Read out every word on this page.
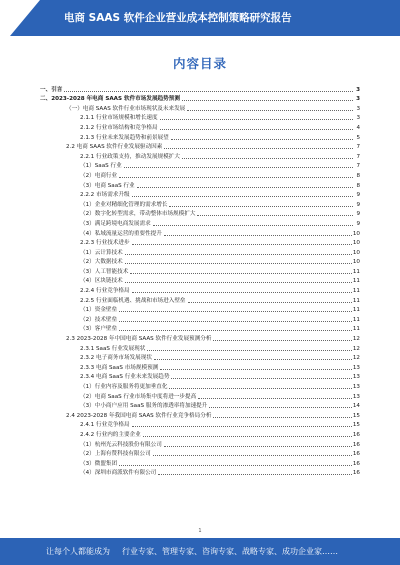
电商 SAAS 软件企业营业成本控制策略研究报告
内容目录
一、引言	3
二、2023-2028 年电商 SAAS 软件市场发展趋势预测	3
（一）电商 SAAS 软件行业市场现状及未来发展	3
2.1.1 行业市场规模和增长速度	3
2.1.2 行业市场结构和竞争格局	4
2.1.3 行业未来发展趋势和前景展望	5
2.2 电商 SAAS 软件行业发展驱动因素	7
2.2.1 行业政策支持，推动发展规模扩大	7
（1）SaaS 行业	7
（2）电商行业	8
（3）电商 SaaS 行业	8
2.2.2 市场需求升级	9
（1）企业对精细化管理的需求增长	9
（2）数字化转型需求，带动整体市场规模扩大	9
（3）满足跨境电商发展需求	9
（4）私域流量运营的重要性提升	10
2.2.3 行业技术进步	10
（1）云计算技术	10
（2）大数据技术	10
（3）人工智能技术	11
（4）区块链技术	11
2.2.4 行业竞争格局	11
2.2.5 行业面临机遇、挑战和市场进入壁垒	11
（1）资金壁垒	11
（2）技术壁垒	11
（3）客户壁垒	11
2.3 2023-2028 年中国电商 SAAS 软件行业发展预测分析	12
2.3.1 SaaS 行业发展现状	12
2.3.2 电子商务市场发展现状	12
2.3.3 电商 SaaS 市场规模预测	13
2.3.4 电商 SaaS 行业未来发展趋势	13
（1）行业内容及服务将更加垂直化	13
（2）电商 SaaS 行业市场集中度将进一步提高	13
（3）中小商户应用 SaaS 服务的渗透率将加速提升	14
2.4 2023-2028 年我国电商 SAAS 软件行业竞争格局分析	15
2.4.1 行业竞争格局	15
2.4.2 行业内的主要企业	16
（1）杭州光云科技股份有限公司	16
（2）上海有赞科技有限公司	16
（3）微盟集团	16
（4）深圳市商派软件有限公司	16
1
让每个人都能成为 行业专家、管理专家、咨询专家、战略专家、成功企业家……
